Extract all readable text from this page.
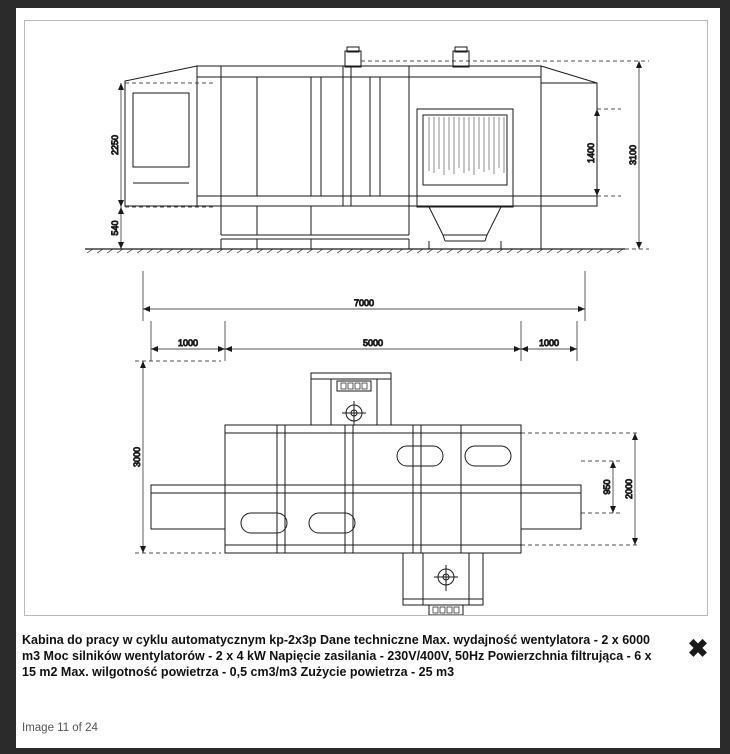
2250
540
1400	3100
7000
5000
1000	1000
3000
950 2000
Kabina do pracy w cyklu automatycznym kp-2x3p Dane techniczne Max. wydajność wentylatora - 2 x 6000 m3 Moc silników wentylatorów - 2 x 4 kW Napięcie zasilania - 230V/400V, 50Hz Powierzchnia filtrująca - 6 x 15 m2 Max. wilgotność powietrza - 0,5 cm3/m3 Zużycie powietrza - 25 m3
Image 11 of 24
✖
